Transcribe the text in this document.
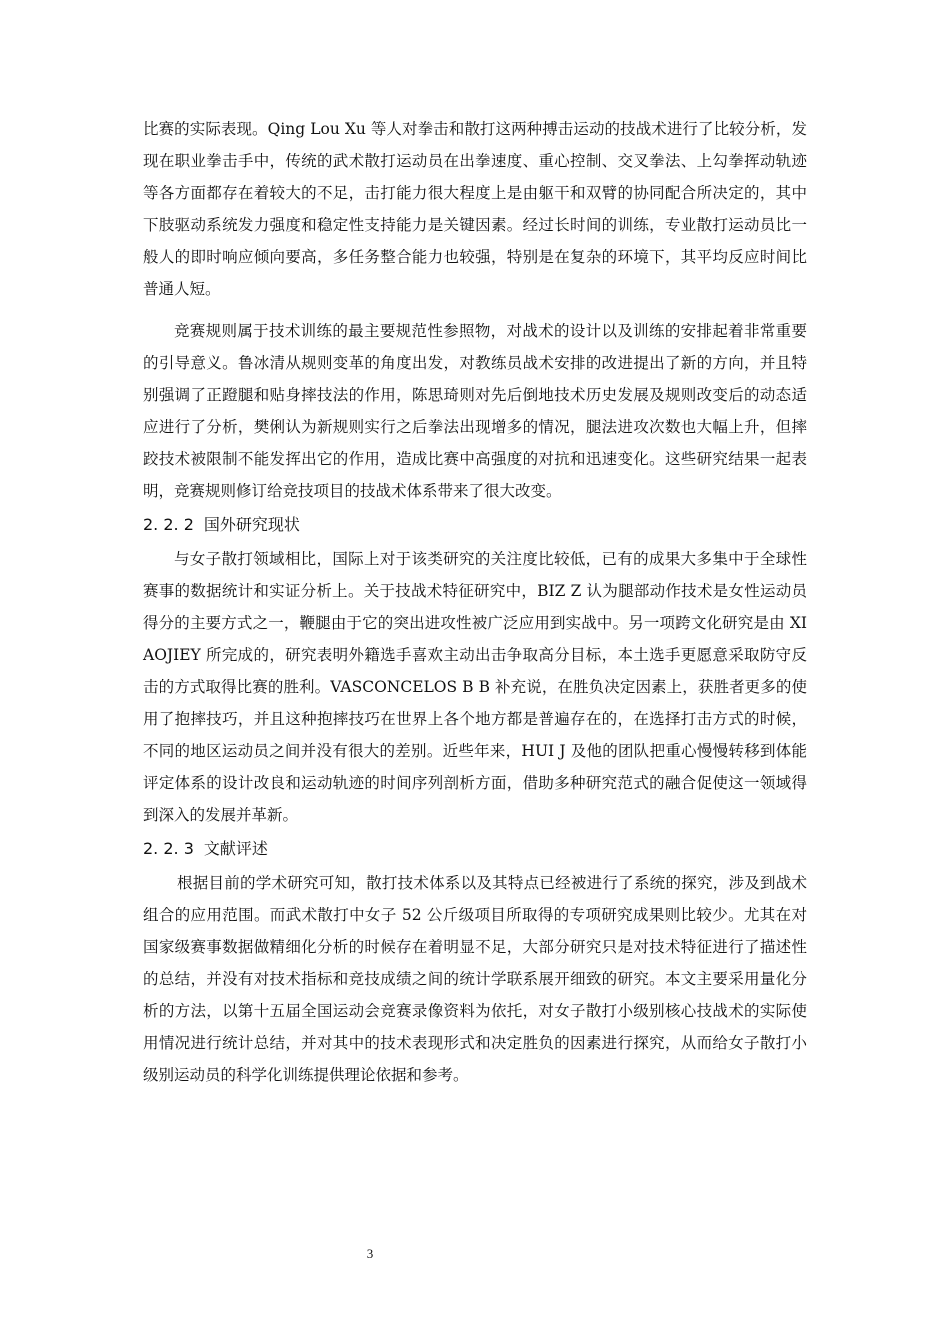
比赛的实际表现。Qing Lou Xu 等人对拳击和散打这两种搏击运动的技战术进行了比较分析，发现在职业拳击手中，传统的武术散打运动员在出拳速度、重心控制、交叉拳法、上勾拳挥动轨迹等各方面都存在着较大的不足，击打能力很大程度上是由躯干和双臂的协同配合所决定的，其中下肢驱动系统发力强度和稳定性支持能力是关键因素。经过长时间的训练，专业散打运动员比一般人的即时响应倾向要高，多任务整合能力也较强，特别是在复杂的环境下，其平均反应时间比普通人短。

竞赛规则属于技术训练的最主要规范性参照物，对战术的设计以及训练的安排起着非常重要的引导意义。鲁冰清从规则变革的角度出发，对教练员战术安排的改进提出了新的方向，并且特别强调了正蹬腿和贴身摔技法的作用，陈思琦则对先后倒地技术历史发展及规则改变后的动态适应进行了分析，樊俐认为新规则实行之后拳法出现增多的情况，腿法进攻次数也大幅上升，但摔跤技术被限制不能发挥出它的作用，造成比赛中高强度的对抗和迅速变化。这些研究结果一起表明，竞赛规则修订给竞技项目的技战术体系带来了很大改变。

2. 2. 2 国外研究现状

与女子散打领域相比，国际上对于该类研究的关注度比较低，已有的成果大多集中于全球性赛事的数据统计和实证分析上。关于技战术特征研究中，BIZ Z 认为腿部动作技术是女性运动员得分的主要方式之一，鞭腿由于它的突出进攻性被广泛应用到实战中。另一项跨文化研究是由 XIAOJIEY 所完成的，研究表明外籍选手喜欢主动出击争取高分目标，本土选手更愿意采取防守反击的方式取得比赛的胜利。VASCONCELOS B B 补充说，在胜负决定因素上，获胜者更多的使用了抱摔技巧，并且这种抱摔技巧在世界上各个地方都是普遍存在的，在选择打击方式的时候，不同的地区运动员之间并没有很大的差别。近些年来，HUI J 及他的团队把重心慢慢转移到体能评定体系的设计改良和运动轨迹的时间序列剖析方面，借助多种研究范式的融合促使这一领域得到深入的发展并革新。

2. 2. 3 文献评述

根据目前的学术研究可知，散打技术体系以及其特点已经被进行了系统的探究，涉及到战术组合的应用范围。而武术散打中女子 52 公斤级项目所取得的专项研究成果则比较少。尤其在对国家级赛事数据做精细化分析的时候存在着明显不足，大部分研究只是对技术特征进行了描述性的总结，并没有对技术指标和竞技成绩之间的统计学联系展开细致的研究。本文主要采用量化分析的方法，以第十五届全国运动会竞赛录像资料为依托，对女子散打小级别核心技战术的实际使用情况进行统计总结，并对其中的技术表现形式和决定胜负的因素进行探究，从而给女子散打小级别运动员的科学化训练提供理论依据和参考。

3
